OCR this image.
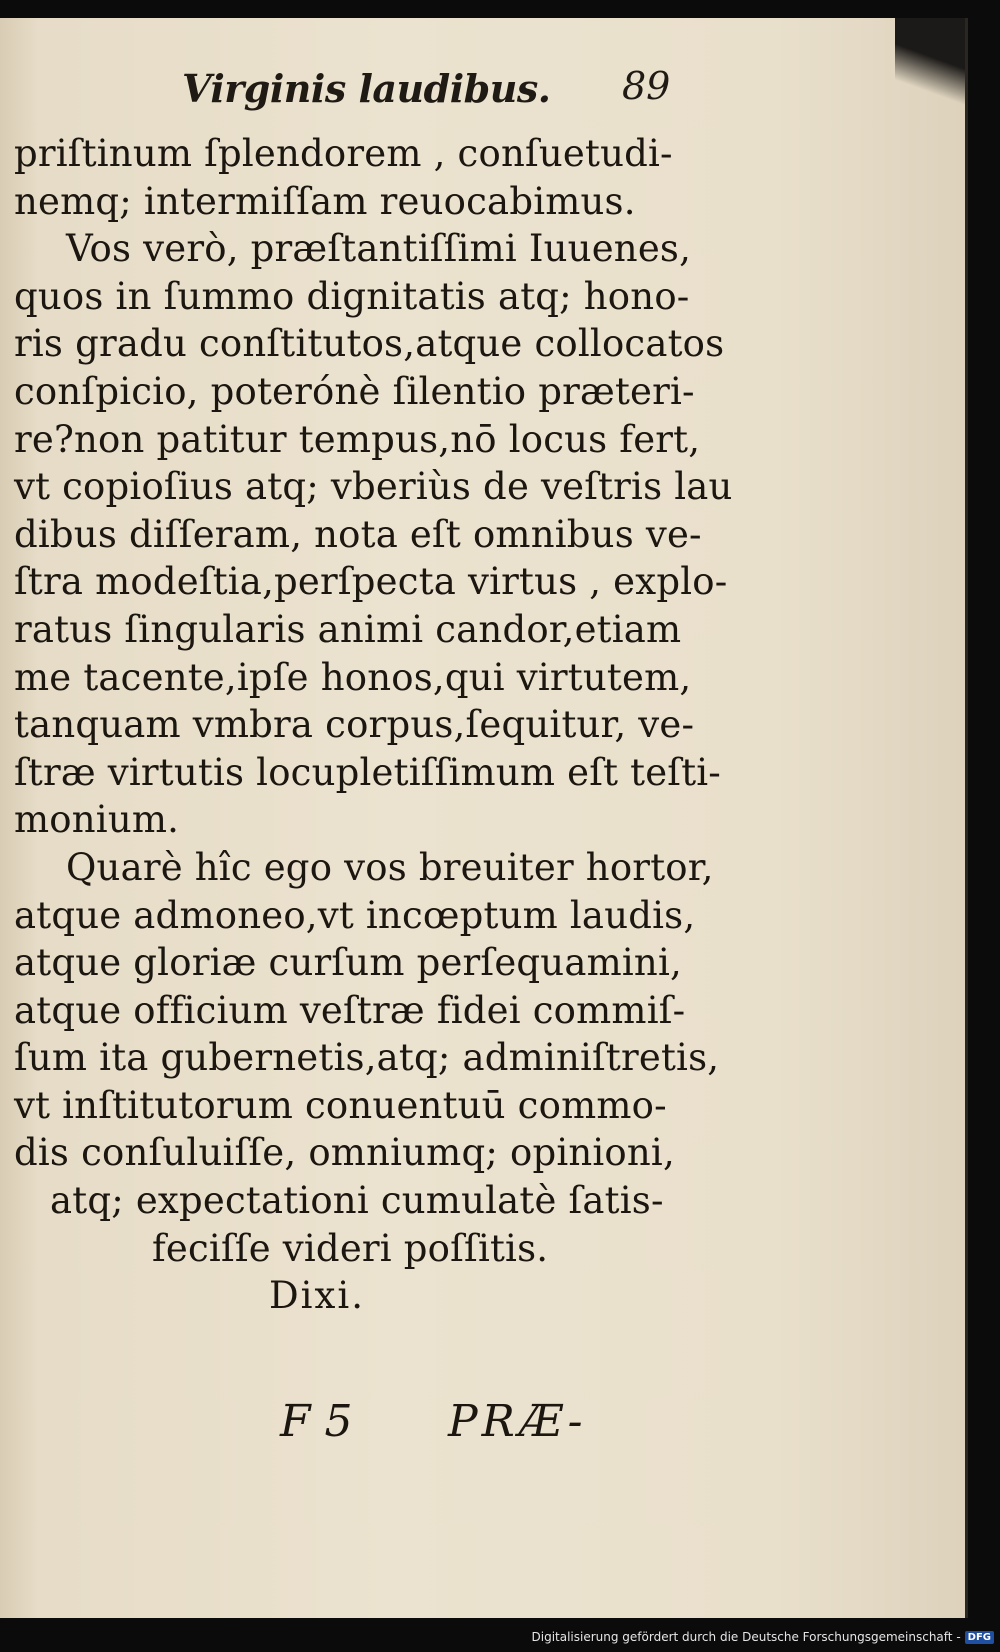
Virginis laudibus. 89
priſtinum ſplendorem , conſuetudi-
nemq; intermiſſam reuocabimus.
Vos verò, præſtantiſſimi Iuuenes,
quos in ſummo dignitatis atq; hono-
ris gradu conſtitutos,atque collocatos
conſpicio, poterónè ſilentio præteri-
re?non patitur tempus,nō locus fert,
vt copioſius atq; vberiùs de veſtris lau
dibus diſſeram, nota eſt omnibus ve-
ſtra modeſtia,perſpecta virtus , explo-
ratus ſingularis animi candor,etiam
me tacente,ipſe honos,qui virtutem,
tanquam vmbra corpus,ſequitur, ve-
ſtræ virtutis locupletiſſimum eſt teſti-
monium.
Quarè hîc ego vos breuiter hortor,
atque admoneo,vt incœptum laudis,
atque gloriæ curſum perſequamini,
atque officium veſtræ fidei commiſ-
ſum ita gubernetis,atq; adminiſtretis,
vt inſtitutorum conuentuū commo-
dis conſuluiſſe, omniumq; opinioni,
atq; expectationi cumulatè ſatis-
feciſſe videri poſſitis.
Dixi.
F 5 PRÆ-
Digitalisierung gefördert durch die Deutsche Forschungsgemeinschaft - DFG
